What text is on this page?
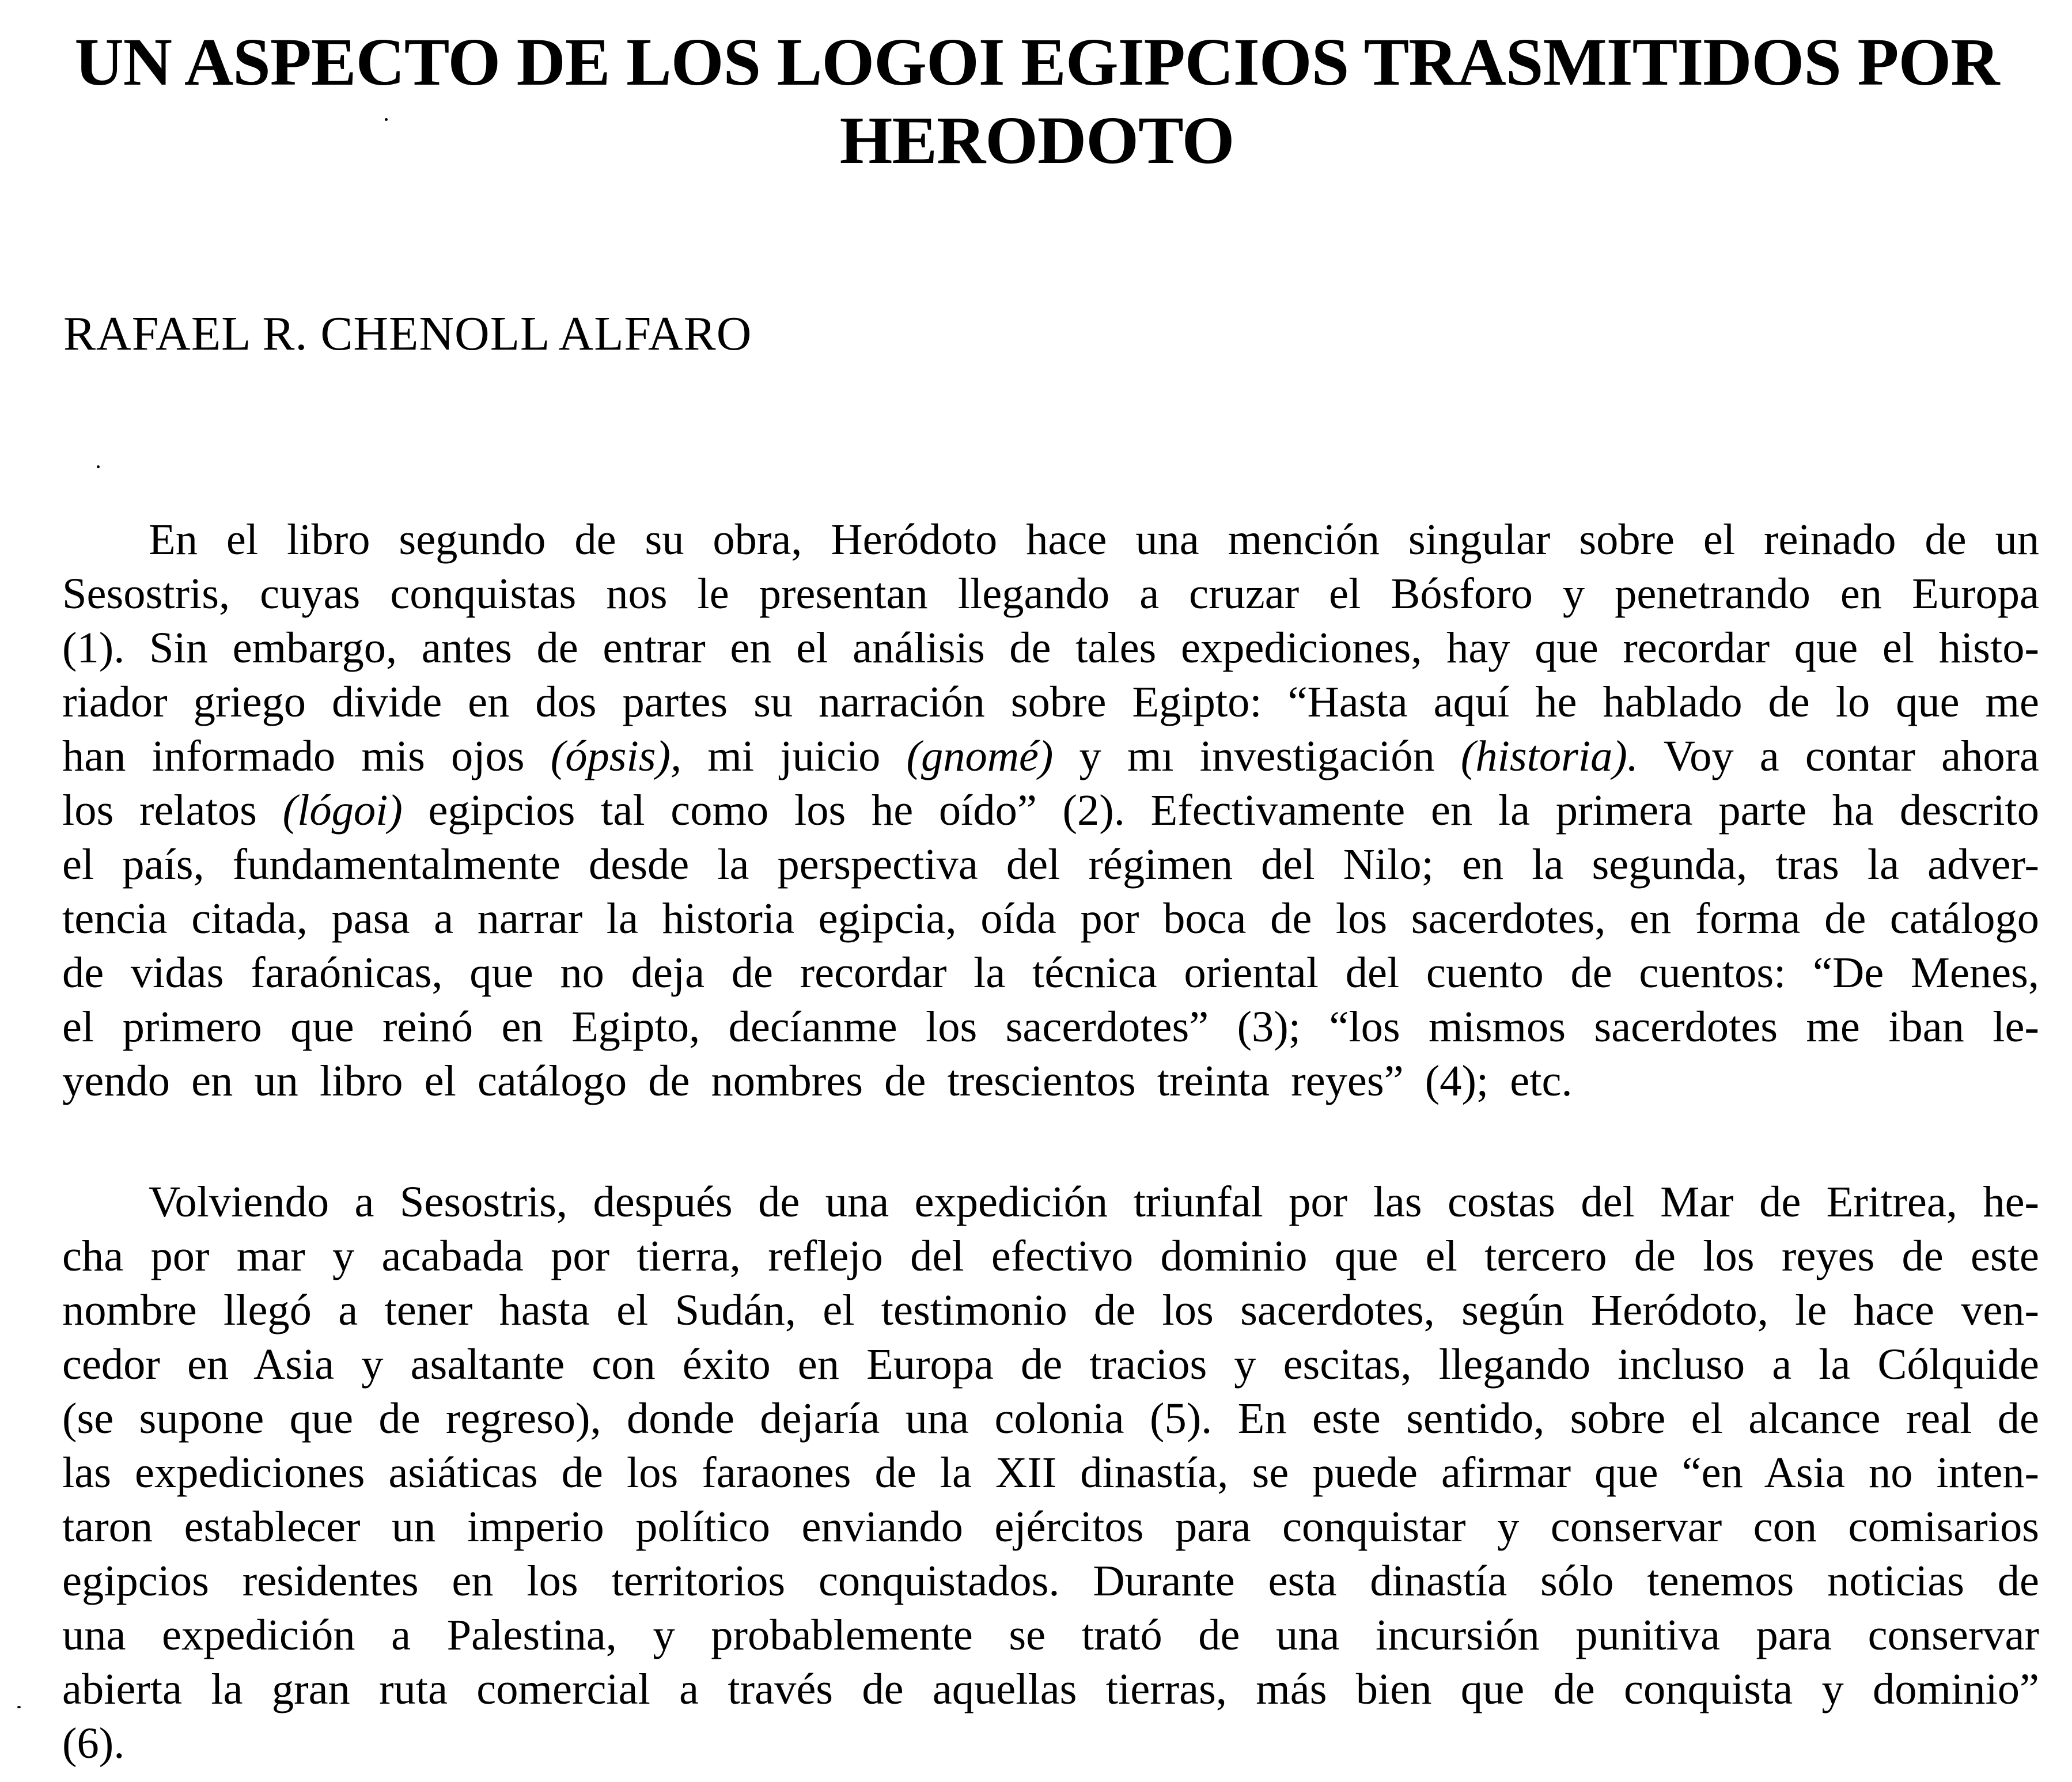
UN ASPECTO DE LOS LOGOI EGIPCIOS TRASMITIDOS POR
HERODOTO
RAFAEL R. CHENOLL ALFARO
En el libro segundo de su obra, Heródoto hace una mención singular sobre el reinado de un
Sesostris, cuyas conquistas nos le presentan llegando a cruzar el Bósforo y penetrando en Europa
(1). Sin embargo, antes de entrar en el análisis de tales expediciones, hay que recordar que el histo-
riador griego divide en dos partes su narración sobre Egipto: “Hasta aquí he hablado de lo que me
han informado mis ojos (ópsis), mi juicio (gnomé) y mı investigación (historia). Voy a contar ahora
los relatos (lógoi) egipcios tal como los he oído” (2). Efectivamente en la primera parte ha descrito
el país, fundamentalmente desde la perspectiva del régimen del Nilo; en la segunda, tras la adver-
tencia citada, pasa a narrar la historia egipcia, oída por boca de los sacerdotes, en forma de catálogo
de vidas faraónicas, que no deja de recordar la técnica oriental del cuento de cuentos: “De Menes,
el primero que reinó en Egipto, decíanme los sacerdotes” (3); “los mismos sacerdotes me iban le-
yendo en un libro el catálogo de nombres de trescientos treinta reyes” (4); etc.
Volviendo a Sesostris, después de una expedición triunfal por las costas del Mar de Eritrea, he-
cha por mar y acabada por tierra, reflejo del efectivo dominio que el tercero de los reyes de este
nombre llegó a tener hasta el Sudán, el testimonio de los sacerdotes, según Heródoto, le hace ven-
cedor en Asia y asaltante con éxito en Europa de tracios y escitas, llegando incluso a la Cólquide
(se supone que de regreso), donde dejaría una colonia (5). En este sentido, sobre el alcance real de
las expediciones asiáticas de los faraones de la XII dinastía, se puede afirmar que “en Asia no inten-
taron establecer un imperio político enviando ejércitos para conquistar y conservar con comisarios
egipcios residentes en los territorios conquistados. Durante esta dinastía sólo tenemos noticias de
una expedición a Palestina, y probablemente se trató de una incursión punitiva para conservar
abierta la gran ruta comercial a través de aquellas tierras, más bien que de conquista y dominio”
(6).
